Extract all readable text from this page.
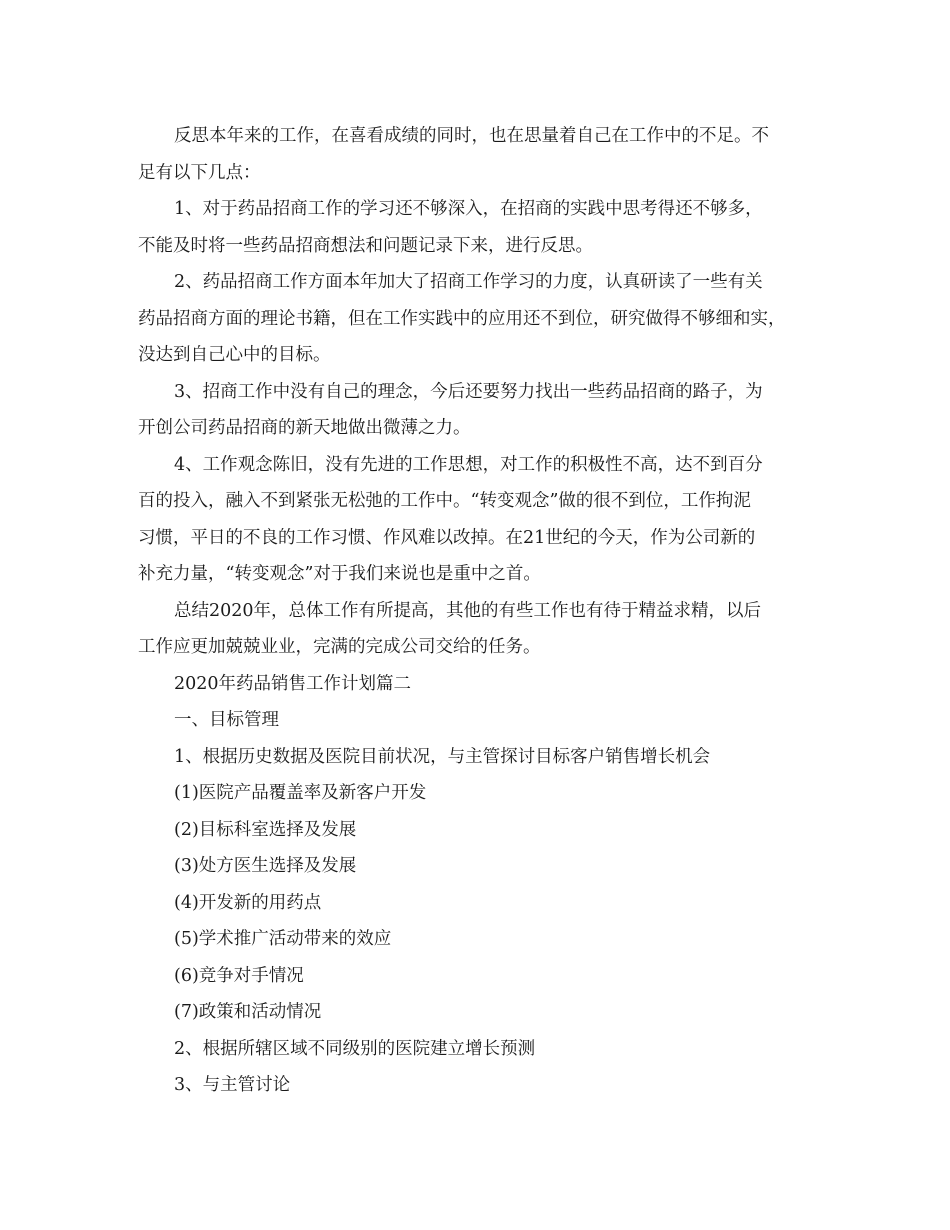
反思本年来的工作，在喜看成绩的同时，也在思量着自己在工作中的不足。不
足有以下几点：
1、对于药品招商工作的学习还不够深入，在招商的实践中思考得还不够多，
不能及时将一些药品招商想法和问题记录下来，进行反思。
2、药品招商工作方面本年加大了招商工作学习的力度，认真研读了一些有关
药品招商方面的理论书籍，但在工作实践中的应用还不到位，研究做得不够细和实，
没达到自己心中的目标。
3、招商工作中没有自己的理念，今后还要努力找出一些药品招商的路子，为
开创公司药品招商的新天地做出微薄之力。
4、工作观念陈旧，没有先进的工作思想，对工作的积极性不高，达不到百分
百的投入，融入不到紧张无松弛的工作中。“转变观念”做的很不到位，工作拘泥
习惯，平日的不良的工作习惯、作风难以改掉。在21世纪的今天，作为公司新的
补充力量，“转变观念”对于我们来说也是重中之首。
总结2020年，总体工作有所提高，其他的有些工作也有待于精益求精，以后
工作应更加兢兢业业，完满的完成公司交给的任务。
2020年药品销售工作计划篇二
一、目标管理
1、根据历史数据及医院目前状况，与主管探讨目标客户销售增长机会
(1)医院产品覆盖率及新客户开发
(2)目标科室选择及发展
(3)处方医生选择及发展
(4)开发新的用药点
(5)学术推广活动带来的效应
(6)竞争对手情况
(7)政策和活动情况
2、根据所辖区域不同级别的医院建立增长预测
3、与主管讨论
